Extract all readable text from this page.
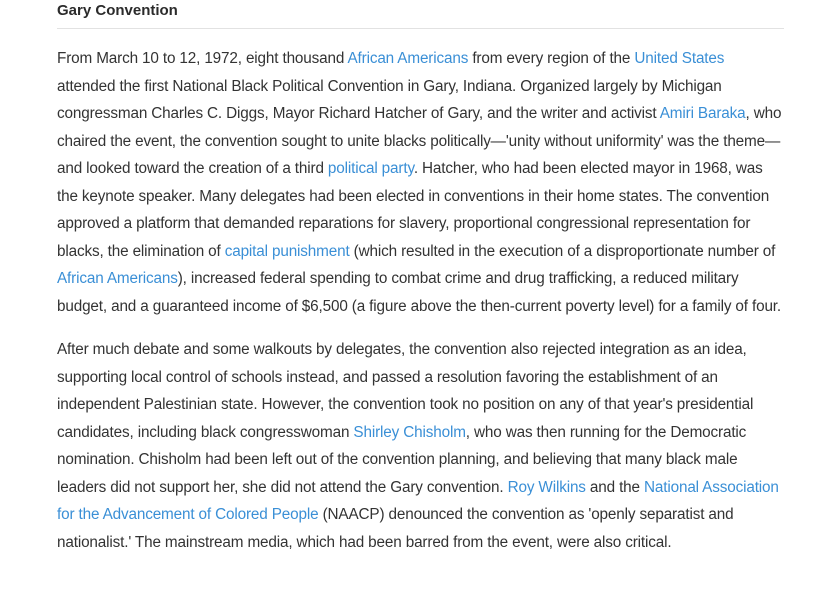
Gary Convention

From March 10 to 12, 1972, eight thousand African Americans from every region of the United States attended the first National Black Political Convention in Gary, Indiana. Organized largely by Michigan congressman Charles C. Diggs, Mayor Richard Hatcher of Gary, and the writer and activist Amiri Baraka, who chaired the event, the convention sought to unite blacks politically—'unity without uniformity' was the theme—and looked toward the creation of a third political party. Hatcher, who had been elected mayor in 1968, was the keynote speaker. Many delegates had been elected in conventions in their home states. The convention approved a platform that demanded reparations for slavery, proportional congressional representation for blacks, the elimination of capital punishment (which resulted in the execution of a disproportionate number of African Americans), increased federal spending to combat crime and drug trafficking, a reduced military budget, and a guaranteed income of $6,500 (a figure above the then-current poverty level) for a family of four.

After much debate and some walkouts by delegates, the convention also rejected integration as an idea, supporting local control of schools instead, and passed a resolution favoring the establishment of an independent Palestinian state. However, the convention took no position on any of that year's presidential candidates, including black congresswoman Shirley Chisholm, who was then running for the Democratic nomination. Chisholm had been left out of the convention planning, and believing that many black male leaders did not support her, she did not attend the Gary convention. Roy Wilkins and the National Association for the Advancement of Colored People (NAACP) denounced the convention as 'openly separatist and nationalist.' The mainstream media, which had been barred from the event, were also critical.
